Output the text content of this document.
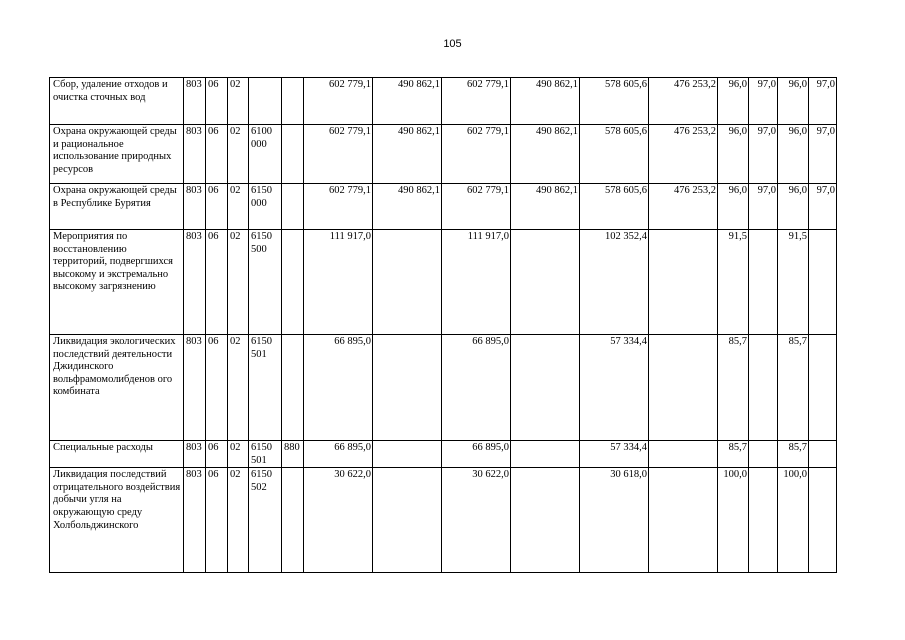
105
Сбор, удаление отходов и очистка сточных вод	803	06	02			602 779,1	490 862,1	602 779,1	490 862,1	578 605,6	476 253,2	96,0	97,0	96,0	97,0
Охрана окружающей среды и рациональное использование природных ресурсов	803	06	02	6100 000		602 779,1	490 862,1	602 779,1	490 862,1	578 605,6	476 253,2	96,0	97,0	96,0	97,0
Охрана окружающей среды в Республике Бурятия	803	06	02	6150 000		602 779,1	490 862,1	602 779,1	490 862,1	578 605,6	476 253,2	96,0	97,0	96,0	97,0
Мероприятия по восстановлению территорий, подвергшихся высокому и экстремально высокому загрязнению	803	06	02	6150 500		111 917,0		111 917,0		102 352,4		91,5		91,5	
Ликвидация экологических последствий деятельности Джидинского вольфрамомолибденов ого комбината	803	06	02	6150 501		66 895,0		66 895,0		57 334,4		85,7		85,7	
Специальные расходы	803	06	02	6150 501	880	66 895,0		66 895,0		57 334,4		85,7		85,7	
Ликвидация последствий отрицательного воздействия добычи угля на окружающую среду Холбольджинского	803	06	02	6150 502		30 622,0		30 622,0		30 618,0		100,0		100,0	
